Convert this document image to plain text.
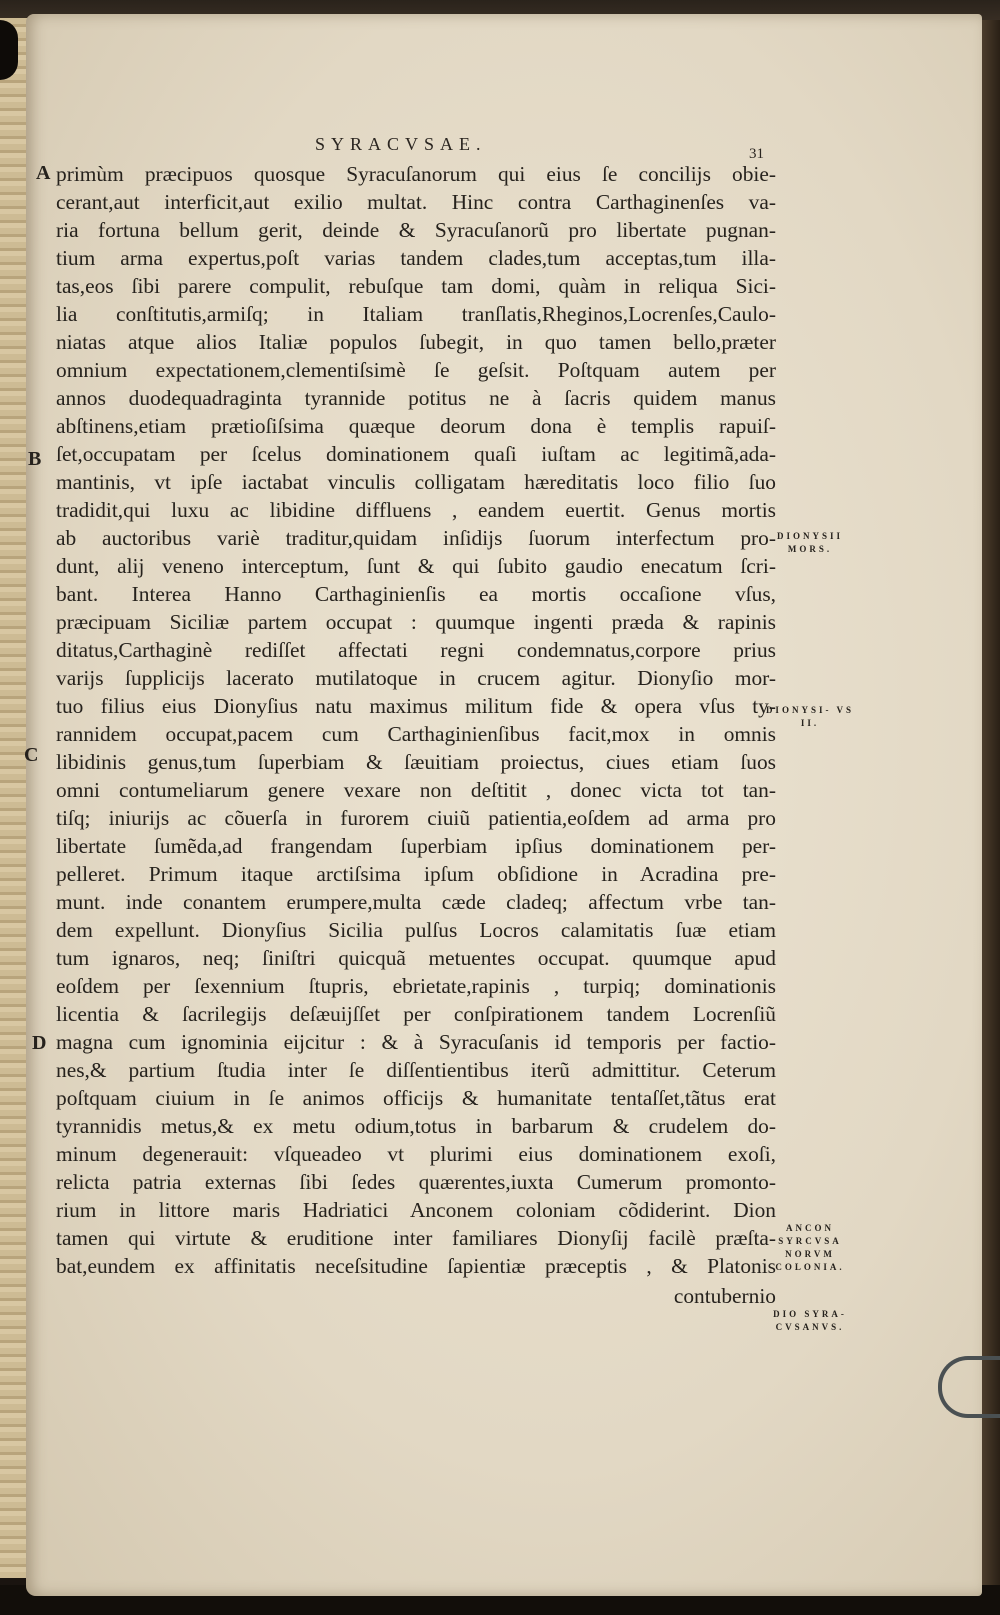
SYRACVSAE.	31
A
B
C
D
primùm præcipuos quosque Syracuſanorum qui eius ſe concilijs obie-
cerant,aut interficit,aut exilio multat. Hinc contra Carthaginenſes va-
ria fortuna bellum gerit, deinde & Syracuſanorũ pro libertate pugnan-
tium arma expertus,poſt varias tandem clades,tum acceptas,tum illa-
tas,eos ſibi parere compulit, rebuſque tam domi, quàm in reliqua Sici-
lia conſtitutis,armiſq; in Italiam tranſlatis,Rheginos,Locrenſes,Caulo-
niatas atque alios Italiæ populos ſubegit, in quo tamen bello,præter
omnium expectationem,clementiſsimè ſe geſsit. Poſtquam autem per
annos duodequadraginta tyrannide potitus ne à ſacris quidem manus
abſtinens,etiam prætioſiſsima quæque deorum dona è templis rapuiſ-
ſet,occupatam per ſcelus dominationem quaſi iuſtam ac legitimã,ada-
mantinis, vt ipſe iactabat vinculis colligatam hæreditatis loco filio ſuo
tradidit,qui luxu ac libidine diffluens , eandem euertit. Genus mortis
ab auctoribus variè traditur,quidam inſidijs ſuorum interfectum pro-
dunt, alij veneno interceptum, ſunt & qui ſubito gaudio enecatum ſcri-
bant. Interea Hanno Carthaginienſis ea mortis occaſione vſus,
præcipuam Siciliæ partem occupat : quumque ingenti præda & rapinis
ditatus,Carthaginè rediſſet affectati regni condemnatus,corpore prius
varijs ſupplicijs lacerato mutilatoque in crucem agitur. Dionyſio mor-
tuo filius eius Dionyſius natu maximus militum fide & opera vſus ty-
rannidem occupat,pacem cum Carthaginienſibus facit,mox in omnis
libidinis genus,tum ſuperbiam & ſæuitiam proiectus, ciues etiam ſuos
omni contumeliarum genere vexare non deſtitit , donec victa tot tan-
tiſq; iniurijs ac cõuerſa in furorem ciuiũ patientia,eoſdem ad arma pro
libertate ſumẽda,ad frangendam ſuperbiam ipſius dominationem per-
pelleret. Primum itaque arctiſsima ipſum obſidione in Acradina pre-
munt. inde conantem erumpere,multa cæde cladeq; affectum vrbe tan-
dem expellunt. Dionyſius Sicilia pulſus Locros calamitatis ſuæ etiam
tum ignaros, neq; ſiniſtri quicquã metuentes occupat. quumque apud
eoſdem per ſexennium ſtupris, ebrietate,rapinis , turpiq; dominationis
licentia & ſacrilegijs deſæuijſſet per conſpirationem tandem Locrenſiũ
magna cum ignominia eijcitur : & à Syracuſanis id temporis per factio-
nes,& partium ſtudia inter ſe diſſentientibus iterũ admittitur. Ceterum
poſtquam ciuium in ſe animos officijs & humanitate tentaſſet,tãtus erat
tyrannidis metus,& ex metu odium,totus in barbarum & crudelem do-
minum degenerauit: vſqueadeo vt plurimi eius dominationem exoſi,
relicta patria externas ſibi ſedes quærentes,iuxta Cumerum promonto-
rium in littore maris Hadriatici Anconem coloniam cõdiderint. Dion
tamen qui virtute & eruditione inter familiares Dionyſij facilè præſta-
bat,eundem ex affinitatis neceſsitudine ſapientiæ præceptis , & Platonis
contubernio
DIONYSII MORS.
DIONYSI- VS II.
ANCON SYRCVSA NORVM COLONIA.
DIO SYRA- CVSANVS.
